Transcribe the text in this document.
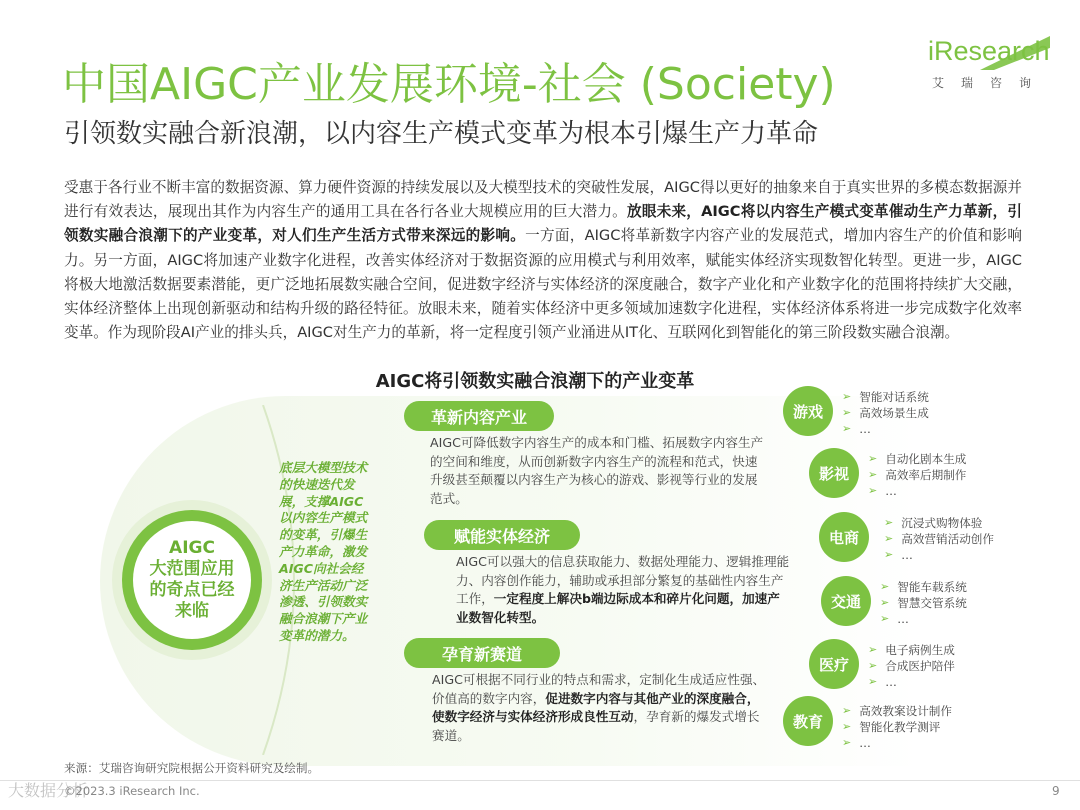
中国AIGC产业发展环境-社会 (Society)
引领数实融合新浪潮，以内容生产模式变革为根本引爆生产力革命
iResearch
艾瑞咨询
受惠于各行业不断丰富的数据资源、算力硬件资源的持续发展以及大模型技术的突破性发展，AIGC得以更好的抽象来自于真实世界的多模态数据源并进行有效表达，展现出其作为内容生产的通用工具在各行各业大规模应用的巨大潜力。放眼未来，AIGC将以内容生产模式变革催动生产力革新，引领数实融合浪潮下的产业变革，对人们生产生活方式带来深远的影响。一方面，AIGC将革新数字内容产业的发展范式，增加内容生产的价值和影响力。另一方面，AIGC将加速产业数字化进程，改善实体经济对于数据资源的应用模式与利用效率，赋能实体经济实现数智化转型。更进一步，AIGC将极大地激活数据要素潜能，更广泛地拓展数实融合空间，促进数字经济与实体经济的深度融合，数字产业化和产业数字化的范围将持续扩大交融，实体经济整体上出现创新驱动和结构升级的路径特征。放眼未来，随着实体经济中更多领域加速数字化进程，实体经济体系将进一步完成数字化效率变革。作为现阶段AI产业的排头兵，AIGC对生产力的革新，将一定程度引领产业涌进从IT化、互联网化到智能化的第三阶段数实融合浪潮。
AIGC将引领数实融合浪潮下的产业变革
AIGC
大范围应用
的奇点已经
来临
底层大模型技术的快速迭代发展，支撑AIGC以内容生产模式的变革，引爆生产力革命，激发AIGC向社会经济生产活动广泛渗透、引领数实融合浪潮下产业变革的潜力。
革新内容产业
AIGC可降低数字内容生产的成本和门槛、拓展数字内容生产的空间和维度，从而创新数字内容生产的流程和范式，快速升级甚至颠覆以内容生产为核心的游戏、影视等行业的发展范式。
赋能实体经济
AIGC可以强大的信息获取能力、数据处理能力、逻辑推理能力、内容创作能力，辅助或承担部分繁复的基础性内容生产工作，一定程度上解决b端边际成本和碎片化问题，加速产业数智化转型。
孕育新赛道
AIGC可根据不同行业的特点和需求，定制化生成适应性强、价值高的数字内容，促进数字内容与其他产业的深度融合，使数字经济与实体经济形成良性互动，孕育新的爆发式增长赛道。
游戏
➢ 智能对话系统
➢ 高效场景生成
➢ …
影视
➢ 自动化剧本生成
➢ 高效率后期制作
➢ …
电商
➢ 沉浸式购物体验
➢ 高效营销活动创作
➢ …
交通
➢ 智能车载系统
➢ 智慧交管系统
➢ …
医疗
➢ 电子病例生成
➢ 合成医护陪伴
➢ …
教育
➢ 高效教案设计制作
➢ 智能化教学测评
➢ …
来源：艾瑞咨询研究院根据公开资料研究及绘制。
©2023.3 iResearch Inc.	9
大数据分析
